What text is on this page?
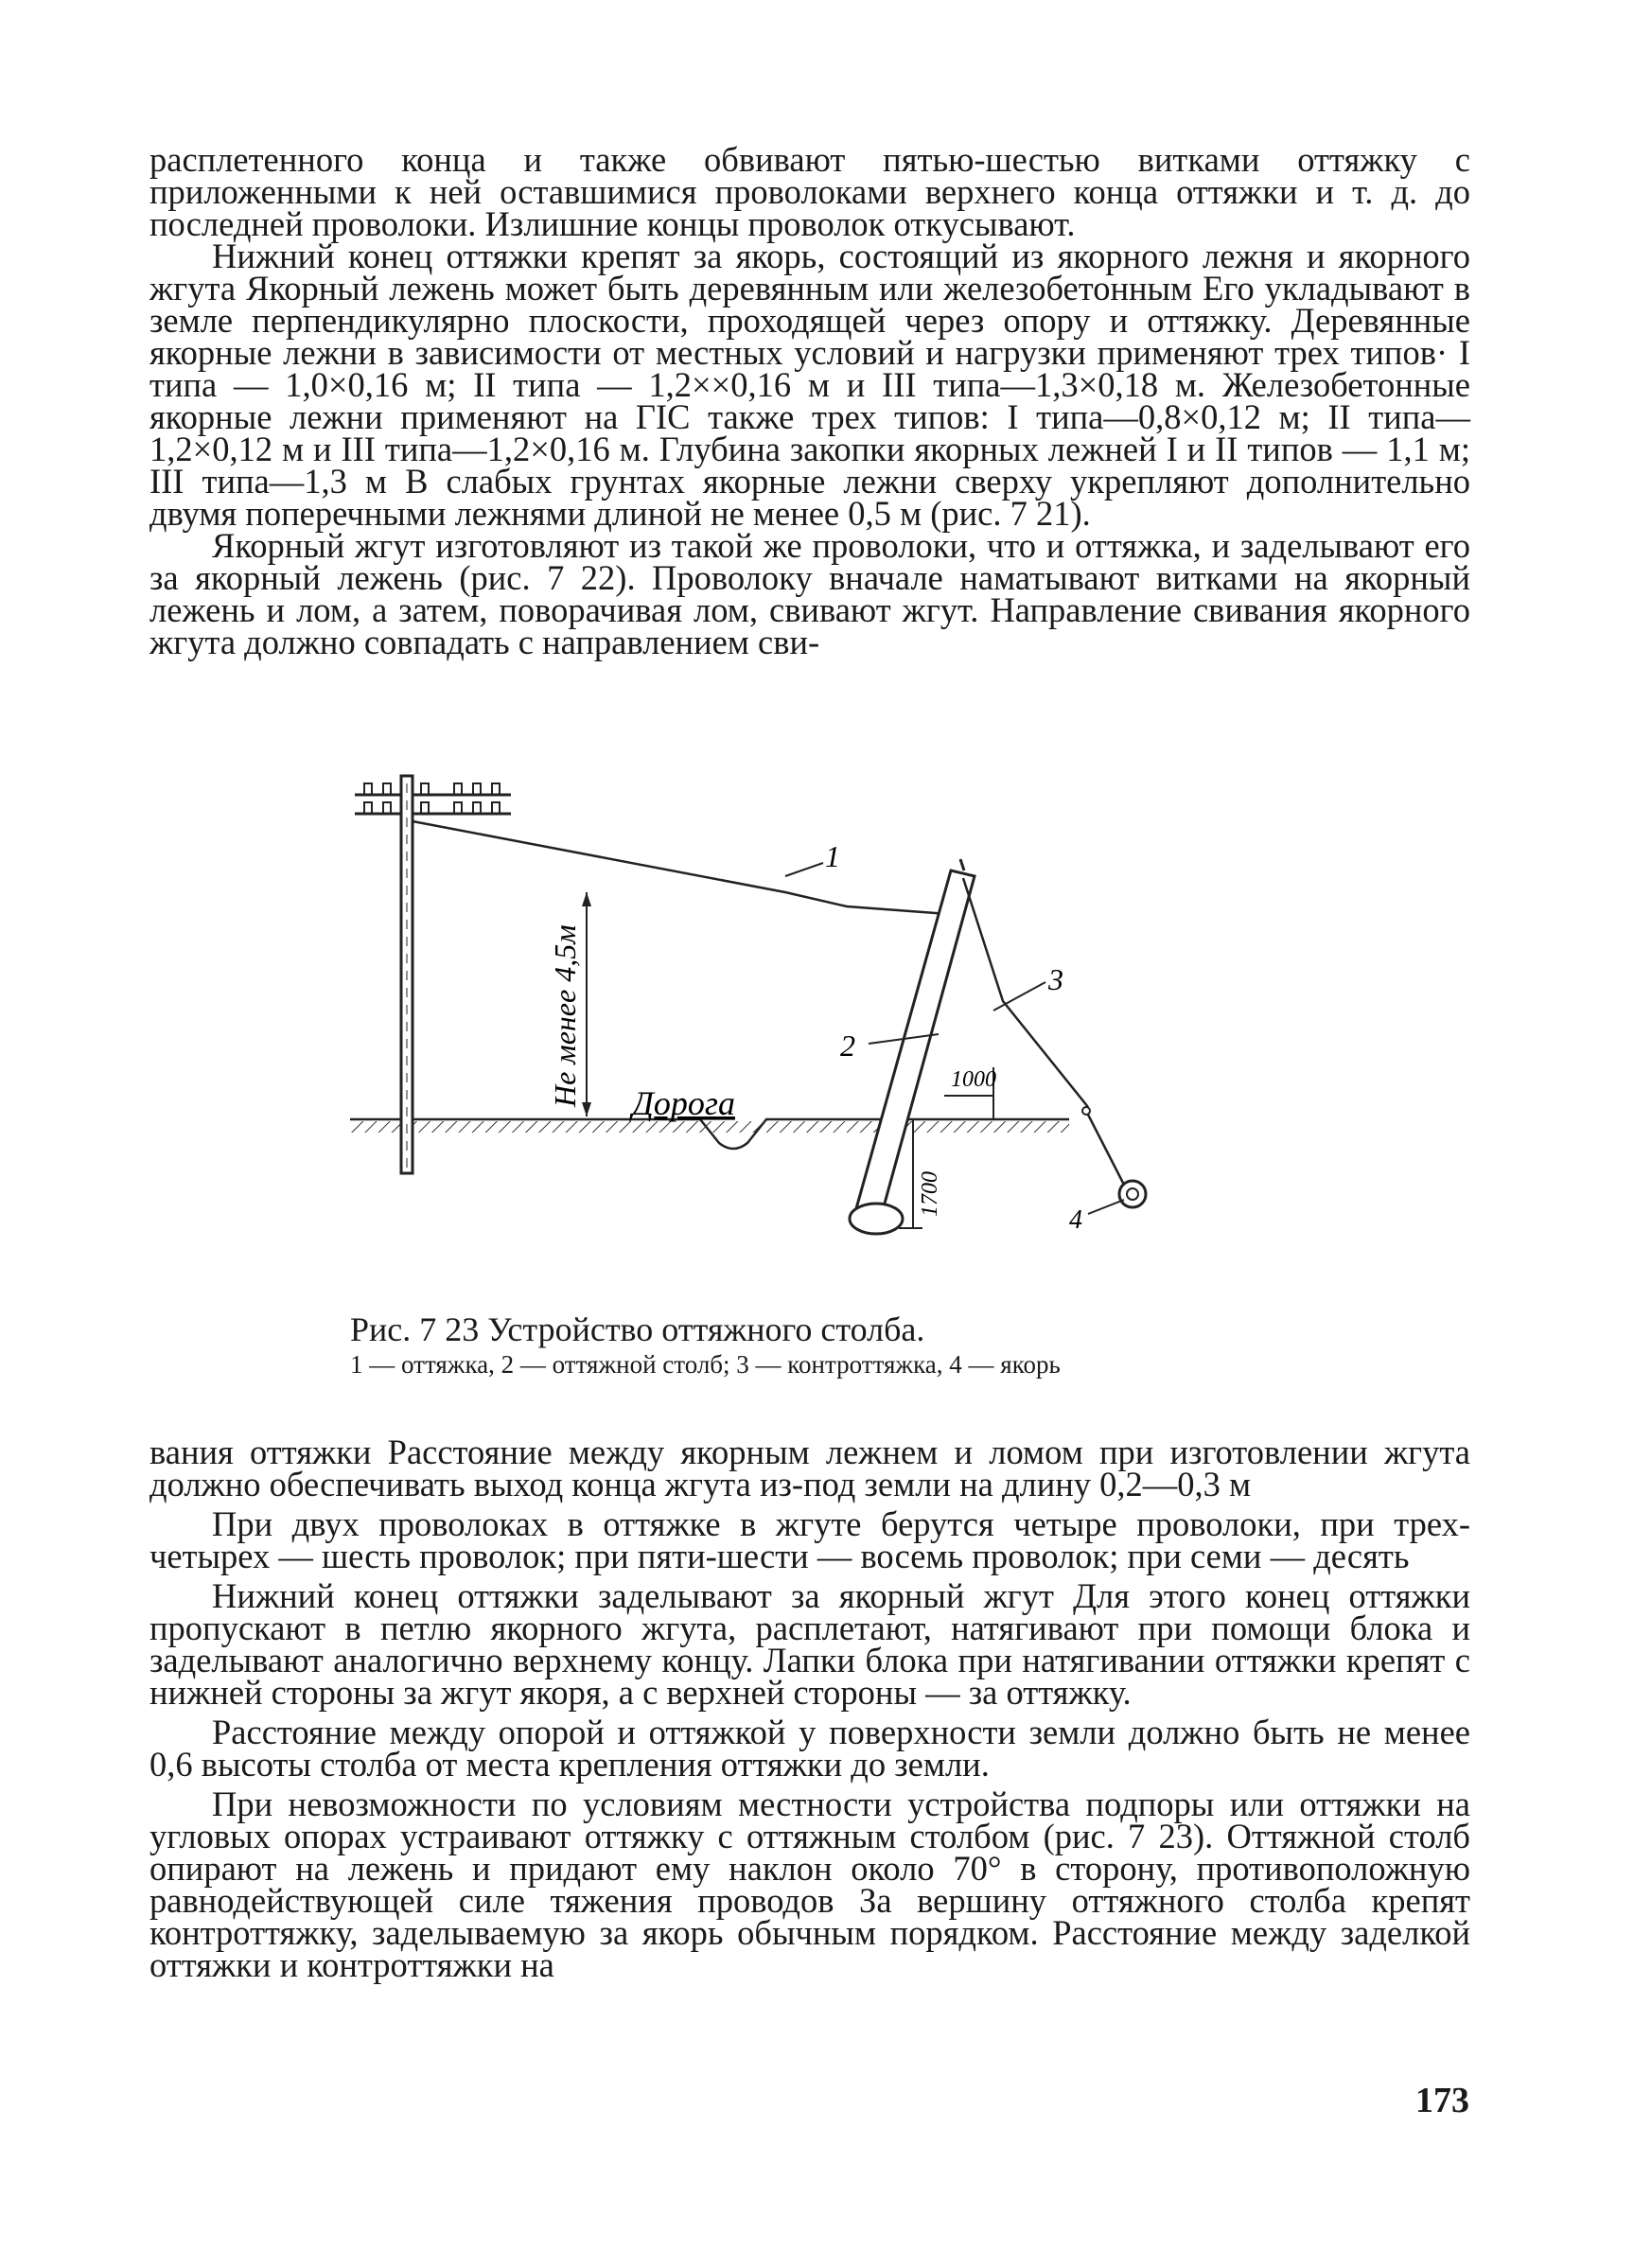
расплетенного конца и также обвивают пятью-шестью витками оттяжку с приложенными к ней оставшимися проволоками верхнего конца оттяжки и т. д. до последней проволоки. Излишние концы проволок откусывают.

Нижний конец оттяжки крепят за якорь, состоящий из якорного лежня и якорного жгута Якорный лежень может быть деревянным или железобетонным Его укладывают в земле перпендикулярно плоскости, проходящей через опору и оттяжку. Деревянные якорные лежни в зависимости от местных условий и нагрузки применяют трех типов· I типа — 1,0×0,16 м; II типа — 1,2××0,16 м и III типа—1,3×0,18 м. Железобетонные якорные лежни применяют на ГIС также трех типов: I типа—0,8×0,12 м; II типа—1,2×0,12 м и III типа—1,2×0,16 м. Глубина закопки якорных лежней I и II типов — 1,1 м; III типа—1,3 м В слабых грунтах якорные лежни сверху укрепляют дополнительно двумя поперечными лежнями длиной не менее 0,5 м (рис. 7 21).

Якорный жгут изготовляют из такой же проволоки, что и оттяжка, и заделывают его за якорный лежень (рис. 7 22). Проволоку вначале наматывают витками на якорный лежень и лом, а затем, поворачивая лом, свивают жгут. Направление свивания якорного жгута должно совпадать с направлением сви-

1
2
3
4
Дорога
Не менее 4,5м	1000
1700
Рис. 7 23 Устройство оттяжного столба.
1 — оттяжка, 2 — оттяжной столб; 3 — контроттяжка, 4 — якорь

вания оттяжки Расстояние между якорным лежнем и ломом при изготовлении жгута должно обеспечивать выход конца жгута из-под земли на длину 0,2—0,3 м

При двух проволоках в оттяжке в жгуте берутся четыре проволоки, при трех-четырех — шесть проволок; при пяти-шести — восемь проволок; при семи — десять

Нижний конец оттяжки заделывают за якорный жгут Для этого конец оттяжки пропускают в петлю якорного жгута, расплетают, натягивают при помощи блока и заделывают аналогично верхнему концу. Лапки блока при натягивании оттяжки крепят с нижней стороны за жгут якоря, а с верхней стороны — за оттяжку.

Расстояние между опорой и оттяжкой у поверхности земли должно быть не менее 0,6 высоты столба от места крепления оттяжки до земли.

При невозможности по условиям местности устройства подпоры или оттяжки на угловых опорах устраивают оттяжку с оттяжным столбом (рис. 7 23). Оттяжной столб опирают на лежень и придают ему наклон около 70° в сторону, противоположную равнодействующей силе тяжения проводов За вершину оттяжного столба крепят контроттяжку, заделываемую за якорь обычным порядком. Расстояние между заделкой оттяжки и контроттяжки на

173
